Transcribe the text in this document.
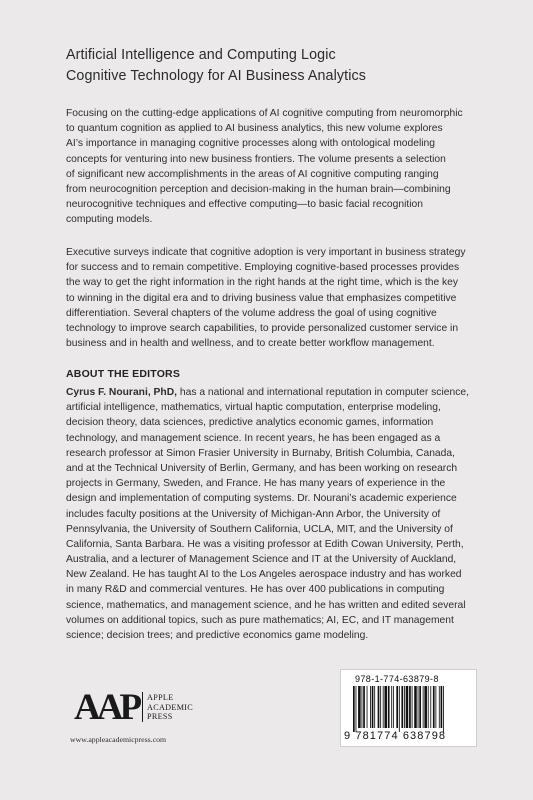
Artificial Intelligence and Computing Logic
Cognitive Technology for AI Business Analytics
Focusing on the cutting-edge applications of AI cognitive computing from neuromorphic
to quantum cognition as applied to AI business analytics, this new volume explores
AI’s importance in managing cognitive processes along with ontological modeling
concepts for venturing into new business frontiers. The volume presents a selection
of significant new accomplishments in the areas of AI cognitive computing ranging
from neurocognition perception and decision-making in the human brain—combining
neurocognitive techniques and effective computing—to basic facial recognition
computing models.
Executive surveys indicate that cognitive adoption is very important in business strategy
for success and to remain competitive. Employing cognitive-based processes provides
the way to get the right information in the right hands at the right time, which is the key
to winning in the digital era and to driving business value that emphasizes competitive
differentiation. Several chapters of the volume address the goal of using cognitive
technology to improve search capabilities, to provide personalized customer service in
business and in health and wellness, and to create better workflow management.
ABOUT THE EDITORS
Cyrus F. Nourani, PhD, has a national and international reputation in computer science,
artificial intelligence, mathematics, virtual haptic computation, enterprise modeling,
decision theory, data sciences, predictive analytics economic games, information
technology, and management science. In recent years, he has been engaged as a
research professor at Simon Frasier University in Burnaby, British Columbia, Canada,
and at the Technical University of Berlin, Germany, and has been working on research
projects in Germany, Sweden, and France. He has many years of experience in the
design and implementation of computing systems. Dr. Nourani’s academic experience
includes faculty positions at the University of Michigan-Ann Arbor, the University of
Pennsylvania, the University of Southern California, UCLA, MIT, and the University of
California, Santa Barbara. He was a visiting professor at Edith Cowan University, Perth,
Australia, and a lecturer of Management Science and IT at the University of Auckland,
New Zealand. He has taught AI to the Los Angeles aerospace industry and has worked
in many R&D and commercial ventures. He has over 400 publications in computing
science, mathematics, and management science, and he has written and edited several
volumes on additional topics, such as pure mathematics; AI, EC, and IT management
science; decision trees; and predictive economics game modeling.
AAP APPLE
ACADEMIC
PRESS
www.appleacademicpress.com
978-1-774-63879-8
9 781774 638798
